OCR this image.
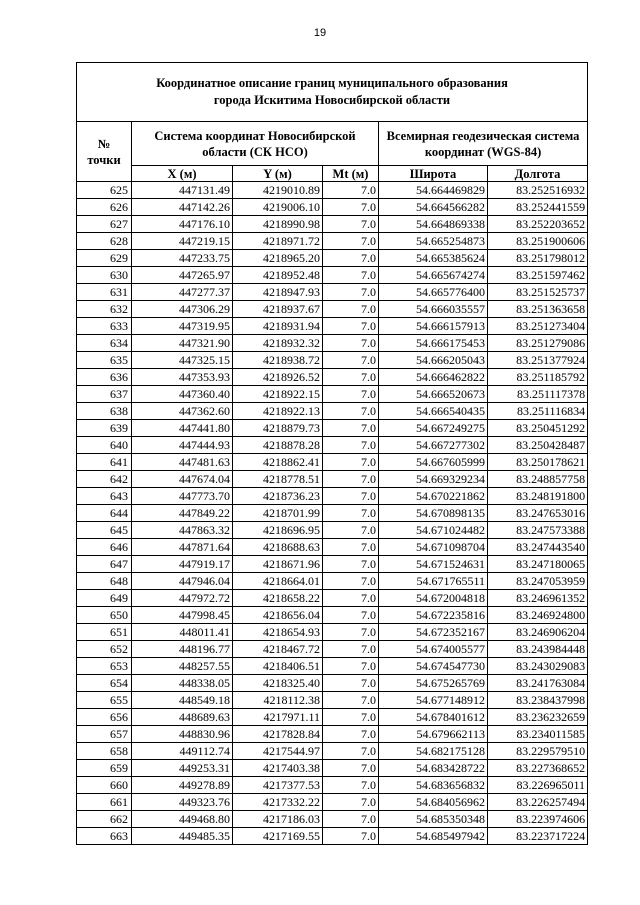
19
Координатное описание границ муниципального образования
города Искитима Новосибирской области					

№
точки	Система координат Новосибирской области (СК НСО)			Всемирная геодезическая система координат (WGS-84)	
	X (м)	Y (м)	Mt (м)	Широта	Долгота
625	447131.49	4219010.89	7.0	54.664469829	83.252516932
626	447142.26	4219006.10	7.0	54.664566282	83.252441559
627	447176.10	4218990.98	7.0	54.664869338	83.252203652
628	447219.15	4218971.72	7.0	54.665254873	83.251900606
629	447233.75	4218965.20	7.0	54.665385624	83.251798012
630	447265.97	4218952.48	7.0	54.665674274	83.251597462
631	447277.37	4218947.93	7.0	54.665776400	83.251525737
632	447306.29	4218937.67	7.0	54.666035557	83.251363658
633	447319.95	4218931.94	7.0	54.666157913	83.251273404
634	447321.90	4218932.32	7.0	54.666175453	83.251279086
635	447325.15	4218938.72	7.0	54.666205043	83.251377924
636	447353.93	4218926.52	7.0	54.666462822	83.251185792
637	447360.40	4218922.15	7.0	54.666520673	83.251117378
638	447362.60	4218922.13	7.0	54.666540435	83.251116834
639	447441.80	4218879.73	7.0	54.667249275	83.250451292
640	447444.93	4218878.28	7.0	54.667277302	83.250428487
641	447481.63	4218862.41	7.0	54.667605999	83.250178621
642	447674.04	4218778.51	7.0	54.669329234	83.248857758
643	447773.70	4218736.23	7.0	54.670221862	83.248191800
644	447849.22	4218701.99	7.0	54.670898135	83.247653016
645	447863.32	4218696.95	7.0	54.671024482	83.247573388
646	447871.64	4218688.63	7.0	54.671098704	83.247443540
647	447919.17	4218671.96	7.0	54.671524631	83.247180065
648	447946.04	4218664.01	7.0	54.671765511	83.247053959
649	447972.72	4218658.22	7.0	54.672004818	83.246961352
650	447998.45	4218656.04	7.0	54.672235816	83.246924800
651	448011.41	4218654.93	7.0	54.672352167	83.246906204
652	448196.77	4218467.72	7.0	54.674005577	83.243984448
653	448257.55	4218406.51	7.0	54.674547730	83.243029083
654	448338.05	4218325.40	7.0	54.675265769	83.241763084
655	448549.18	4218112.38	7.0	54.677148912	83.238437998
656	448689.63	4217971.11	7.0	54.678401612	83.236232659
657	448830.96	4217828.84	7.0	54.679662113	83.234011585
658	449112.74	4217544.97	7.0	54.682175128	83.229579510
659	449253.31	4217403.38	7.0	54.683428722	83.227368652
660	449278.89	4217377.53	7.0	54.683656832	83.226965011
661	449323.76	4217332.22	7.0	54.684056962	83.226257494
662	449468.80	4217186.03	7.0	54.685350348	83.223974606
663	449485.35	4217169.55	7.0	54.685497942	83.223717224
